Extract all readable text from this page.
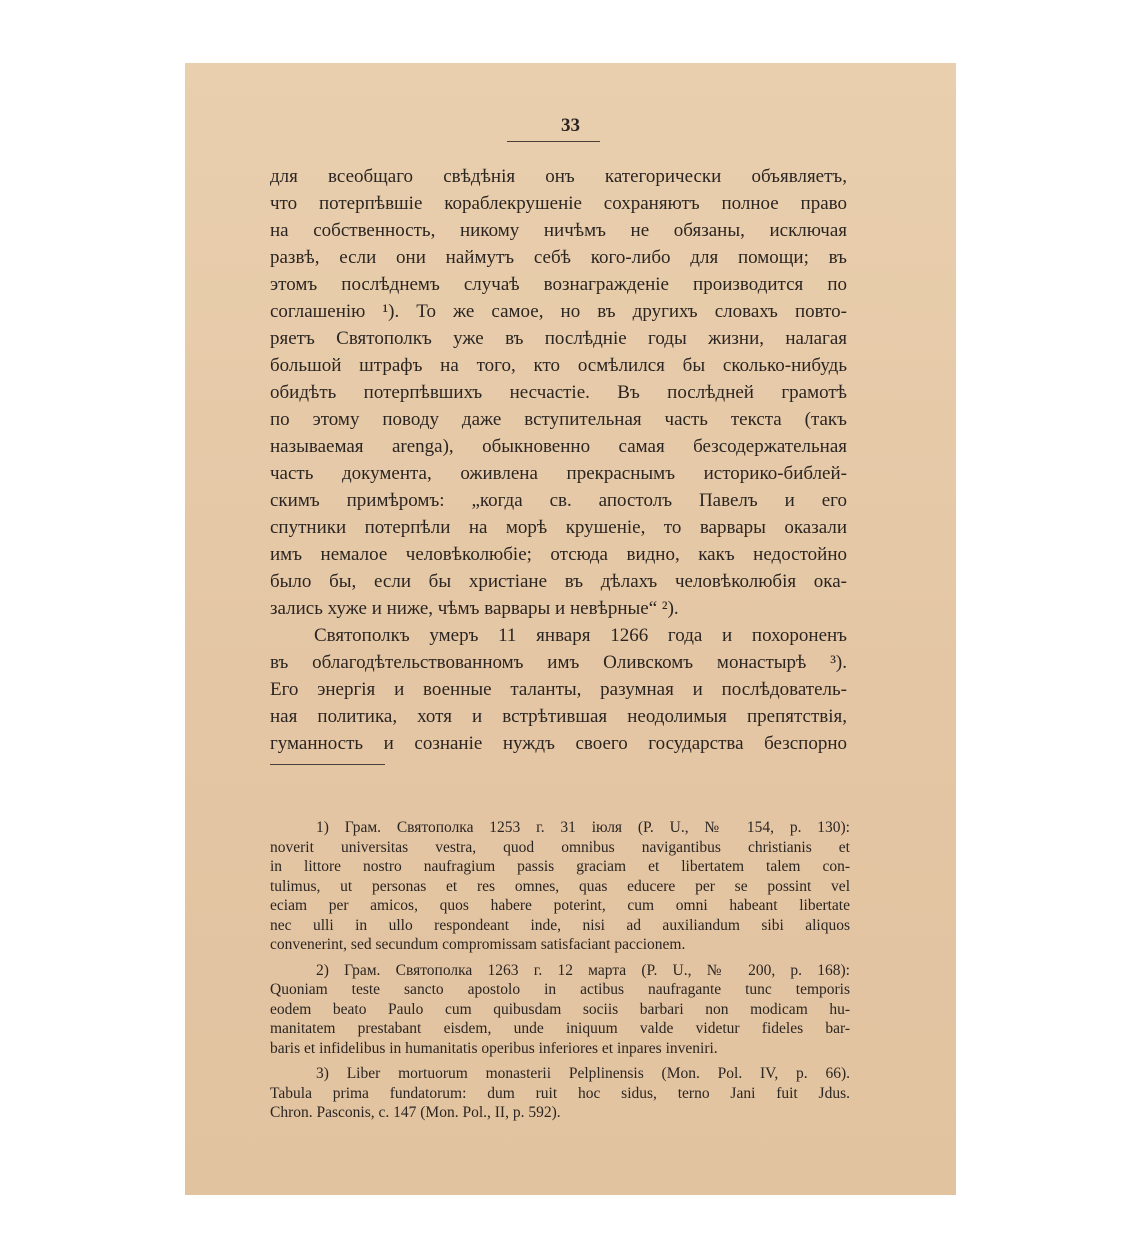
33
для всеобщаго свѣдѣнія онъ категорически объявляетъ,
что потерпѣвшіе кораблекрушеніе сохраняютъ полное право
на собственность, никому ничѣмъ не обязаны, исключая
развѣ, если они наймутъ себѣ кого-либо для помощи; въ
этомъ послѣднемъ случаѣ вознагражденіе производится по
соглашенію ¹). То же самое, но въ другихъ словахъ повто-
ряетъ Святополкъ уже въ послѣдніе годы жизни, налагая
большой штрафъ на того, кто осмѣлился бы сколько-нибудь
обидѣть потерпѣвшихъ несчастіе. Въ послѣдней грамотѣ
по этому поводу даже вступительная часть текста (такъ
называемая arenga), обыкновенно самая безсодержательная
часть документа, оживлена прекраснымъ историко-библей-
скимъ примѣромъ: „когда св. апостолъ Павелъ и его
спутники потерпѣли на морѣ крушеніе, то варвары оказали
имъ немалое человѣколюбіе; отсюда видно, какъ недостойно
было бы, если бы христіане въ дѣлахъ человѣколюбія ока-
зались хуже и ниже, чѣмъ варвары и невѣрные“ ²).
Святополкъ умеръ 11 января 1266 года и похороненъ
въ облагодѣтельствованномъ имъ Оливскомъ монастырѣ ³).
Его энергія и военные таланты, разумная и послѣдователь-
ная политика, хотя и встрѣтившая неодолимыя препятствія,
гуманность и сознаніе нуждъ своего государства безспорно
1) Грам. Святополка 1253 г. 31 іюля (P. U., № 154, p. 130):
noverit universitas vestra, quod omnibus navigantibus christianis et
in littore nostro naufragium passis graciam et libertatem talem con-
tulimus, ut personas et res omnes, quas educere per se possint vel
eciam per amicos, quos habere poterint, cum omni habeant libertate
nec ulli in ullo respondeant inde, nisi ad auxiliandum sibi aliquos
convenerint, sed secundum compromissam satisfaciant paccionem.
2) Грам. Святополка 1263 г. 12 марта (P. U., № 200, p. 168):
Quoniam teste sancto apostolo in actibus naufragante tunc temporis
eodem beato Paulo cum quibusdam sociis barbari non modicam hu-
manitatem prestabant eisdem, unde iniquum valde videtur fideles bar-
baris et infidelibus in humanitatis operibus inferiores et inpares inveniri.
3) Liber mortuorum monasterii Pelplinensis (Mon. Pol. IV, p. 66).
Tabula prima fundatorum: dum ruit hoc sidus, terno Jani fuit Jdus.
Chron. Pasconis, c. 147 (Mon. Pol., II, p. 592).
